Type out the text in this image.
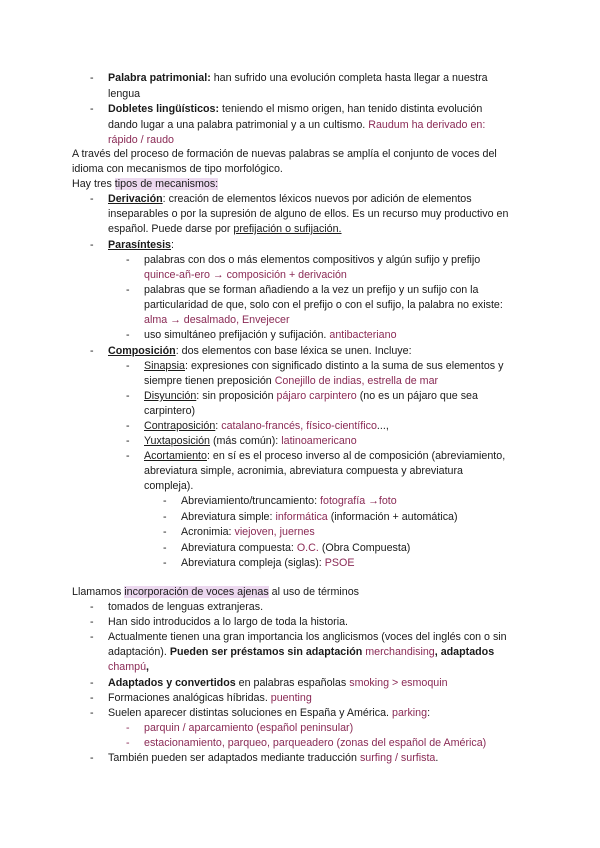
- Palabra patrimonial: han sufrido una evolución completa hasta llegar a nuestra
lengua
- Dobletes lingüísticos: teniendo el mismo origen, han tenido distinta evolución
dando lugar a una palabra patrimonial y a un cultismo. Raudum ha derivado en:
rápido / raudo
A través del proceso de formación de nuevas palabras se amplía el conjunto de voces del
idioma con mecanismos de tipo morfológico.
Hay tres tipos de mecanismos:
- Derivación: creación de elementos léxicos nuevos por adición de elementos
inseparables o por la supresión de alguno de ellos. Es un recurso muy productivo en
español. Puede darse por prefijación o sufijación.
- Parasíntesis:
- palabras con dos o más elementos compositivos y algún sufijo y prefijo
quince-añ-ero → composición + derivación
- palabras que se forman añadiendo a la vez un prefijo y un sufijo con la
particularidad de que, solo con el prefijo o con el sufijo, la palabra no existe:
alma → desalmado, Envejecer
- uso simultáneo prefijación y sufijación. antibacteriano
- Composición: dos elementos con base léxica se unen. Incluye:
- Sinapsia: expresiones con significado distinto a la suma de sus elementos y
siempre tienen preposición Conejillo de indias, estrella de mar
- Disyunción: sin proposición pájaro carpintero (no es un pájaro que sea
carpintero)
- Contraposición: catalano-francés, físico-científico...,
- Yuxtaposición (más común): latinoamericano
- Acortamiento: en sí es el proceso inverso al de composición (abreviamiento,
abreviatura simple, acronimia, abreviatura compuesta y abreviatura
compleja).
- Abreviamiento/truncamiento: fotografía →foto
- Abreviatura simple: informática (información + automática)
- Acronimia: viejoven, juernes
- Abreviatura compuesta: O.C. (Obra Compuesta)
- Abreviatura compleja (siglas): PSOE
Llamamos incorporación de voces ajenas al uso de términos
- tomados de lenguas extranjeras.
- Han sido introducidos a lo largo de toda la historia.
- Actualmente tienen una gran importancia los anglicismos (voces del inglés con o sin
adaptación). Pueden ser préstamos sin adaptación merchandising, adaptados
champú,
- Adaptados y convertidos en palabras españolas smoking > esmoquin
- Formaciones analógicas híbridas. puenting
- Suelen aparecer distintas soluciones en España y América. parking:
- parquin / aparcamiento (español peninsular)
- estacionamiento, parqueo, parqueadero (zonas del español de América)
- También pueden ser adaptados mediante traducción surfing / surfista.
